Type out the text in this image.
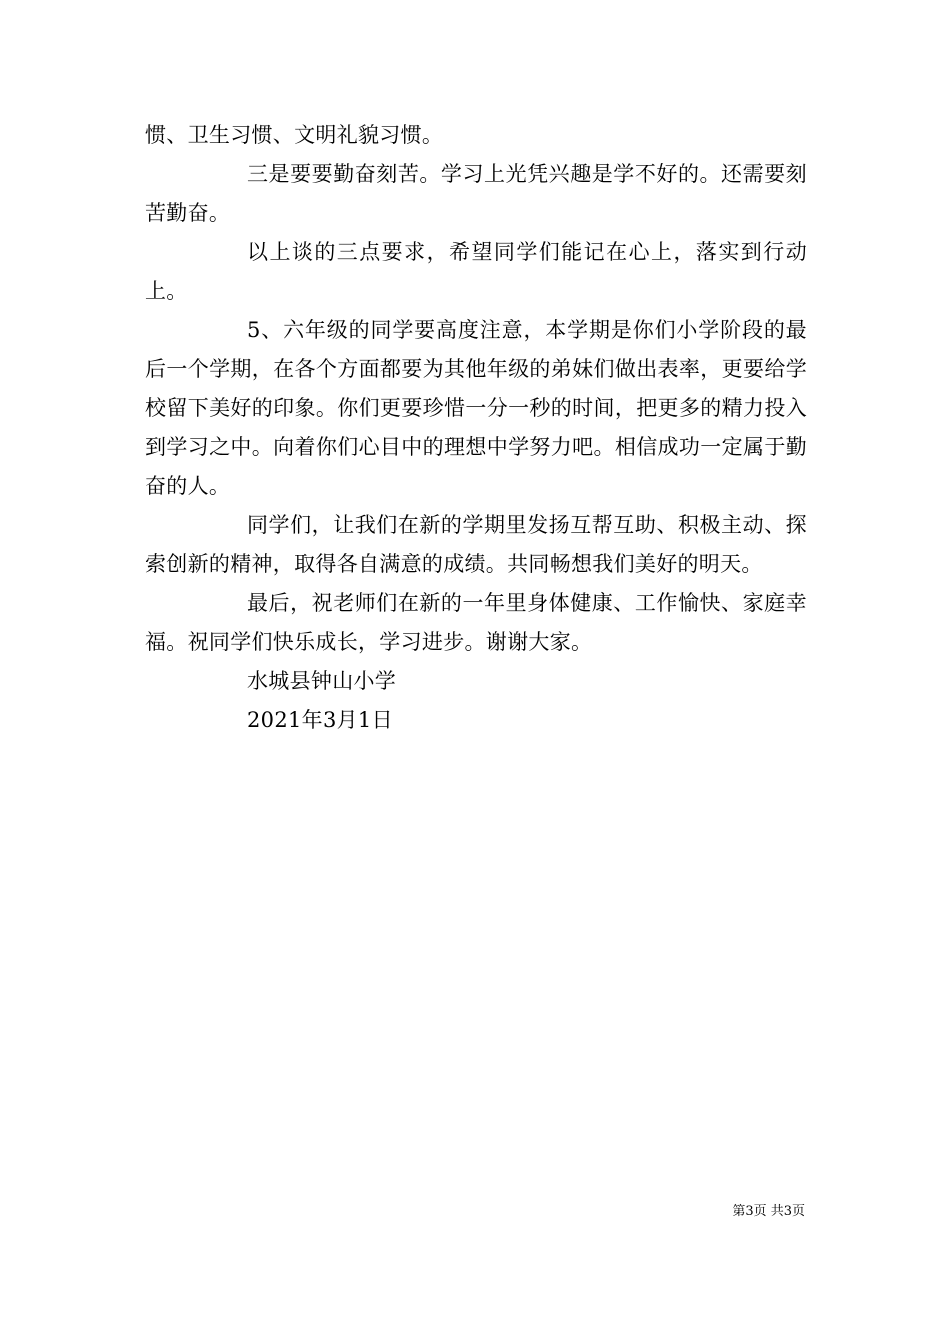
惯、卫生习惯、文明礼貌习惯。

三是要要勤奋刻苦。学习上光凭兴趣是学不好的。还需要刻苦勤奋。

以上谈的三点要求，希望同学们能记在心上，落实到行动上。

5、六年级的同学要高度注意，本学期是你们小学阶段的最后一个学期，在各个方面都要为其他年级的弟妹们做出表率，更要给学校留下美好的印象。你们更要珍惜一分一秒的时间，把更多的精力投入到学习之中。向着你们心目中的理想中学努力吧。相信成功一定属于勤奋的人。

同学们，让我们在新的学期里发扬互帮互助、积极主动、探索创新的精神，取得各自满意的成绩。共同畅想我们美好的明天。

最后，祝老师们在新的一年里身体健康、工作愉快、家庭幸福。祝同学们快乐成长，学习进步。谢谢大家。

水城县钟山小学

2021年3月1日

第3页 共3页
